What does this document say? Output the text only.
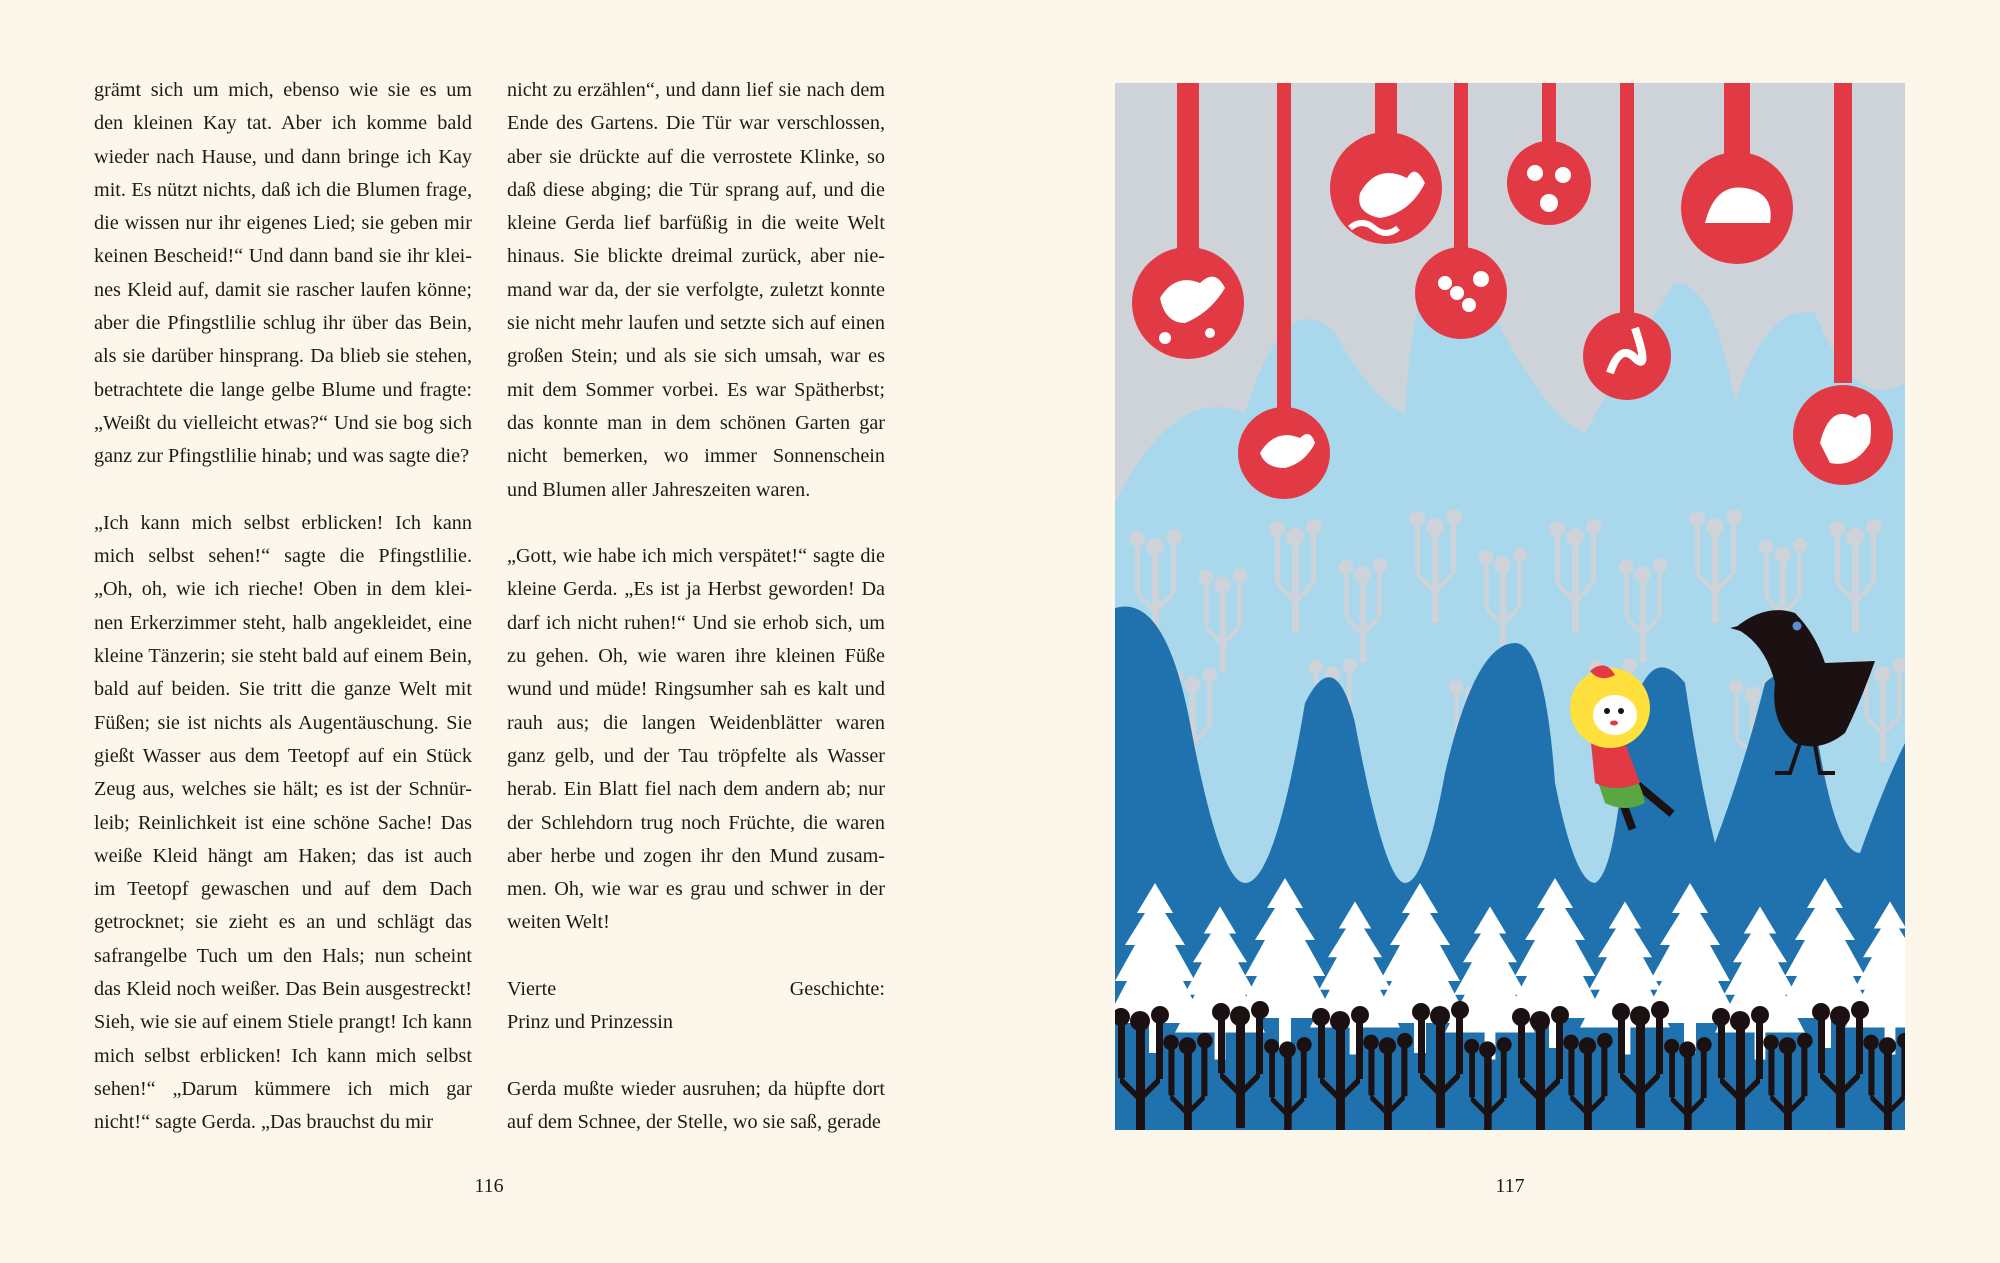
grämt sich um mich, ebenso wie sie es um
den kleinen Kay tat. Aber ich komme bald
wieder nach Hause, und dann bringe ich Kay
mit. Es nützt nichts, daß ich die Blumen frage,
die wissen nur ihr eigenes Lied; sie geben mir
keinen Bescheid!“ Und dann band sie ihr klei-
nes Kleid auf, damit sie rascher laufen könne;
aber die Pfingstlilie schlug ihr über das Bein,
als sie darüber hinsprang. Da blieb sie stehen,
betrachtete die lange gelbe Blume und fragte:
„Weißt du vielleicht etwas?“ Und sie bog sich
ganz zur Pfingstlilie hinab; und was sagte die?

„Ich kann mich selbst erblicken! Ich kann
mich selbst sehen!“ sagte die Pfingstlilie.
„Oh, oh, wie ich rieche! Oben in dem klei-
nen Erkerzimmer steht, halb angekleidet, eine
kleine Tänzerin; sie steht bald auf einem Bein,
bald auf beiden. Sie tritt die ganze Welt mit
Füßen; sie ist nichts als Augentäuschung. Sie
gießt Wasser aus dem Teetopf auf ein Stück
Zeug aus, welches sie hält; es ist der Schnür-
leib; Reinlichkeit ist eine schöne Sache! Das
weiße Kleid hängt am Haken; das ist auch
im Teetopf gewaschen und auf dem Dach
getrocknet; sie zieht es an und schlägt das
safrangelbe Tuch um den Hals; nun scheint
das Kleid noch weißer. Das Bein ausgestreckt!
Sieh, wie sie auf einem Stiele prangt! Ich kann
mich selbst erblicken! Ich kann mich selbst
sehen!“ „Darum kümmere ich mich gar
nicht!“ sagte Gerda. „Das brauchst du mir

nicht zu erzählen“, und dann lief sie nach dem
Ende des Gartens. Die Tür war verschlossen,
aber sie drückte auf die verrostete Klinke, so
daß diese abging; die Tür sprang auf, und die
kleine Gerda lief barfüßig in die weite Welt
hinaus. Sie blickte dreimal zurück, aber nie-
mand war da, der sie verfolgte, zuletzt konnte
sie nicht mehr laufen und setzte sich auf einen
großen Stein; und als sie sich umsah, war es
mit dem Sommer vorbei. Es war Spätherbst;
das konnte man in dem schönen Garten gar
nicht bemerken, wo immer Sonnenschein
und Blumen aller Jahreszeiten waren.

„Gott, wie habe ich mich verspätet!“ sagte die
kleine Gerda. „Es ist ja Herbst geworden! Da
darf ich nicht ruhen!“ Und sie erhob sich, um
zu gehen. Oh, wie waren ihre kleinen Füße
wund und müde! Ringsumher sah es kalt und
rauh aus; die langen Weidenblätter waren
ganz gelb, und der Tau tröpfelte als Wasser
herab. Ein Blatt fiel nach dem andern ab; nur
der Schlehdorn trug noch Früchte, die waren
aber herbe und zogen ihr den Mund zusam-
men. Oh, wie war es grau und schwer in der
weiten Welt!

Vierte Geschichte:
Prinz und Prinzessin

Gerda mußte wieder ausruhen; da hüpfte dort
auf dem Schnee, der Stelle, wo sie saß, gerade

116	117
